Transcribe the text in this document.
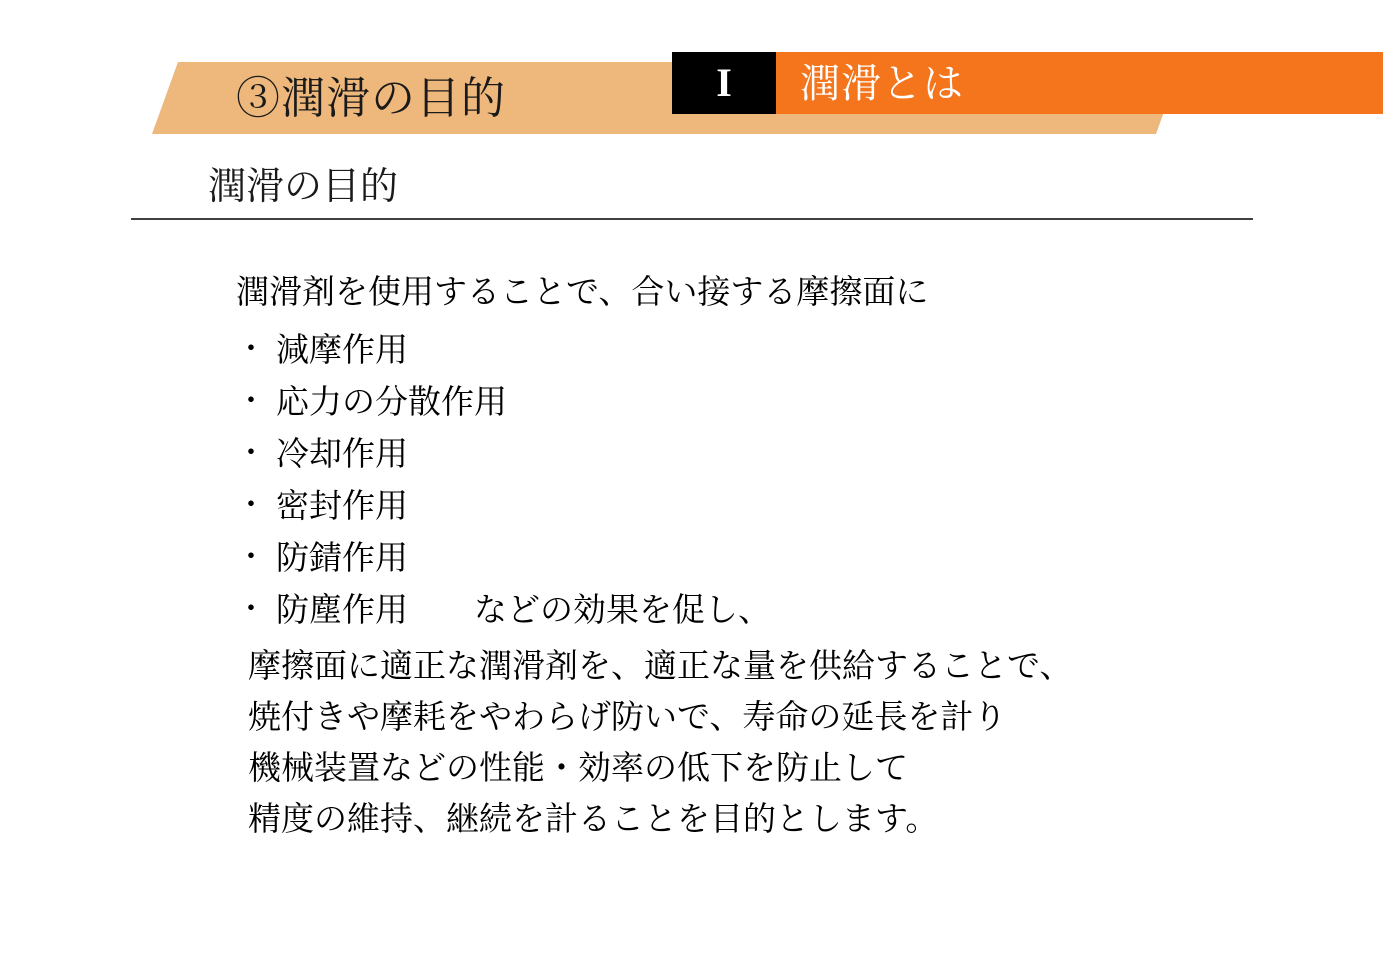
③潤滑の目的	I	潤滑とは
潤滑の目的
潤滑剤を使用することで、合い接する摩擦面に
・ 減摩作用
・ 応力の分散作用
・ 冷却作用
・ 密封作用
・ 防錆作用
・ 防塵作用　　などの効果を促し、
摩擦面に適正な潤滑剤を、適正な量を供給することで、
焼付きや摩耗をやわらげ防いで、寿命の延長を計り
機械装置などの性能・効率の低下を防止して
精度の維持、継続を計ることを目的とします。
